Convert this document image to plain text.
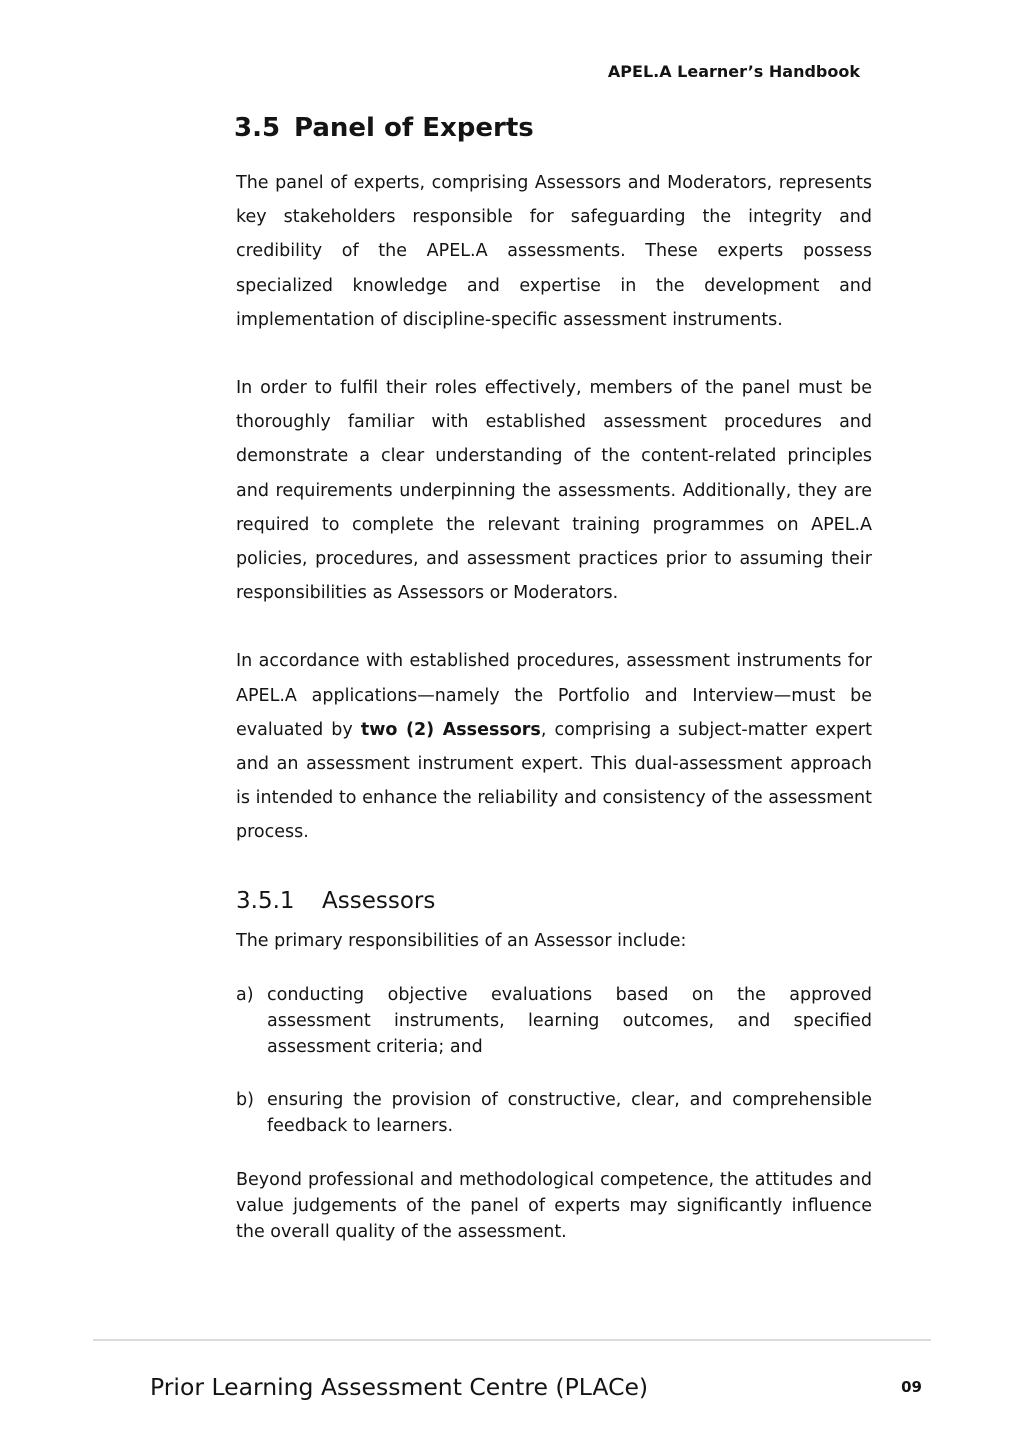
APEL.A Learner’s Handbook
3.5 Panel of Experts

The panel of experts, comprising Assessors and Moderators, represents key stakeholders responsible for safeguarding the integrity and credibility of the APEL.A assessments. These experts possess specialized knowledge and expertise in the development and implementation of discipline-specific assessment instruments.

In order to fulfil their roles effectively, members of the panel must be thoroughly familiar with established assessment procedures and demonstrate a clear understanding of the content-related principles and requirements underpinning the assessments. Additionally, they are required to complete the relevant training programmes on APEL.A policies, procedures, and assessment practices prior to assuming their responsibilities as Assessors or Moderators.

In accordance with established procedures, assessment instruments for APEL.A applications—namely the Portfolio and Interview—must be evaluated by two (2) Assessors, comprising a subject-matter expert and an assessment instrument expert. This dual-assessment approach is intended to enhance the reliability and consistency of the assessment process.

3.5.1 Assessors

The primary responsibilities of an Assessor include:

a) conducting objective evaluations based on the approved assessment instruments, learning outcomes, and specified assessment criteria; and
b) ensuring the provision of constructive, clear, and comprehensible feedback to learners.

Beyond professional and methodological competence, the attitudes and value judgements of the panel of experts may significantly influence the overall quality of the assessment.

Prior Learning Assessment Centre (PLACe)	09
